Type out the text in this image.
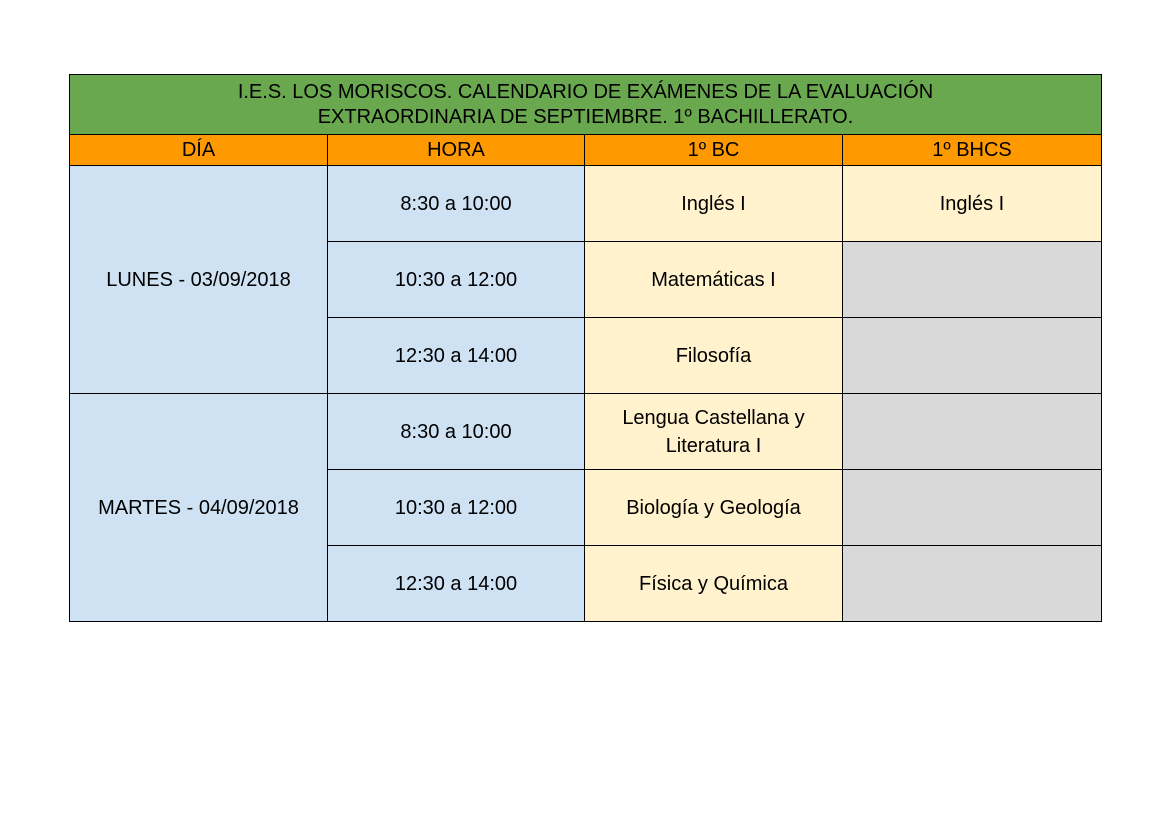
I.E.S. LOS MORISCOS. CALENDARIO DE EXÁMENES DE LA EVALUACIÓN
EXTRAORDINARIA DE SEPTIEMBRE. 1º BACHILLERATO.			

DÍA	HORA	1º BC	1º BHCS
LUNES - 03/09/2018	8:30 a 10:00	Inglés I	Inglés I
	10:30 a 12:00	Matemáticas I	
	12:30 a 14:00	Filosofía	
MARTES - 04/09/2018	8:30 a 10:00	Lengua Castellana y
Literatura I	

	10:30 a 12:00	Biología y Geología	
	12:30 a 14:00	Física y Química	
